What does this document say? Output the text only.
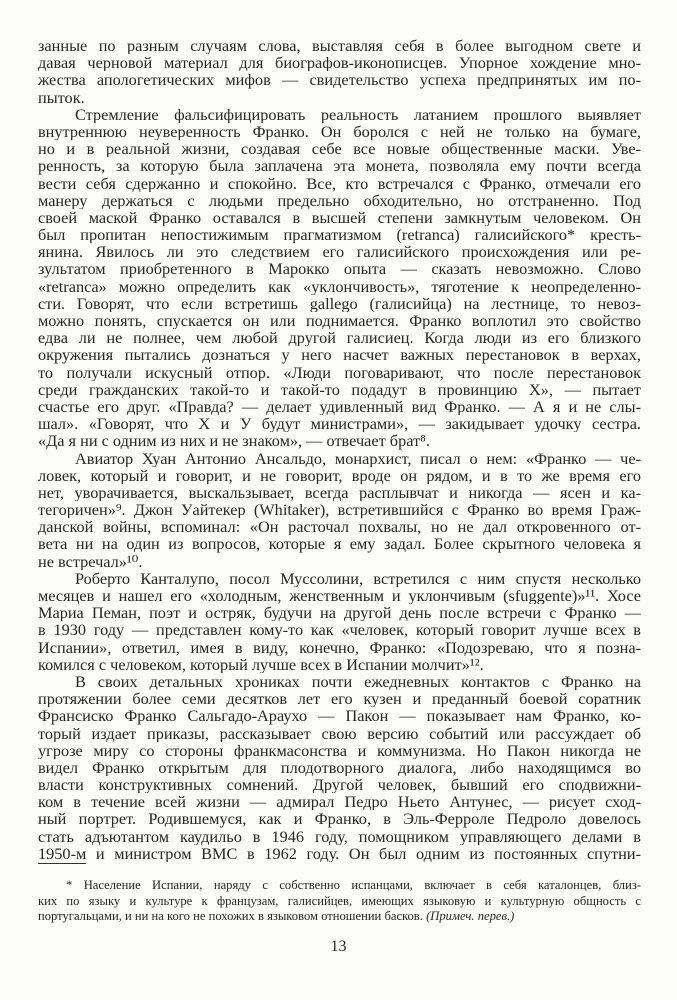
занные по разным случаям слова, выставляя себя в более выгодном свете и
давая черновой материал для биографов-иконописцев. Упорное хождение мно-
жества апологетических мифов — свидетельство успеха предпринятых им по-
пыток.
Стремление фальсифицировать реальность латанием прошлого выявляет
внутреннюю неуверенность Франко. Он боролся с ней не только на бумаге,
но и в реальной жизни, создавая себе все новые общественные маски. Уве-
ренность, за которую была заплачена эта монета, позволяла ему почти всегда
вести себя сдержанно и спокойно. Все, кто встречался с Франко, отмечали его
манеру держаться с людьми предельно обходительно, но отстраненно. Под
своей маской Франко оставался в высшей степени замкнутым человеком. Он
был пропитан непостижимым прагматизмом (retranca) галисийского* кресть-
янина. Явилось ли это следствием его галисийского происхождения или ре-
зультатом приобретенного в Марокко опыта — сказать невозможно. Слово
«retranca» можно определить как «уклончивость», тяготение к неопределенно-
сти. Говорят, что если встретишь gallego (галисийца) на лестнице, то невоз-
можно понять, спускается он или поднимается. Франко воплотил это свойство
едва ли не полнее, чем любой другой галисиец. Когда люди из его близкого
окружения пытались дознаться у него насчет важных перестановок в верхах,
то получали искусный отпор. «Люди поговаривают, что после перестановок
среди гражданских такой-то и такой-то подадут в провинцию Х», — пытает
счастье его друг. «Правда? — делает удивленный вид Франко. — А я и не слы-
шал». «Говорят, что Х и У будут министрами», — закидывает удочку сестра.
«Да я ни с одним из них и не знаком», — отвечает брат⁸.
Авиатор Хуан Антонио Ансальдо, монархист, писал о нем: «Франко — че-
ловек, который и говорит, и не говорит, вроде он рядом, и в то же время его
нет, уворачивается, выскальзывает, всегда расплывчат и никогда — ясен и ка-
тегоричен»⁹. Джон Уайтекер (Whitaker), встретившийся с Франко во время Граж-
данской войны, вспоминал: «Он расточал похвалы, но не дал откровенного от-
вета ни на один из вопросов, которые я ему задал. Более скрытного человека я
не встречал»¹⁰.
Роберто Канталупо, посол Муссолини, встретился с ним спустя несколько
месяцев и нашел его «холодным, женственным и уклончивым (sfuggente)»¹¹. Хосе
Мариа Пеман, поэт и остряк, будучи на другой день после встречи с Франко —
в 1930 году — представлен кому-то как «человек, который говорит лучше всех в
Испании», ответил, имея в виду, конечно, Франко: «Подозреваю, что я позна-
комился с человеком, который лучше всех в Испании молчит»¹².
В своих детальных хрониках почти ежедневных контактов с Франко на
протяжении более семи десятков лет его кузен и преданный боевой соратник
Франсиско Франко Сальгадо-Араухо — Пакон — показывает нам Франко, ко-
торый издает приказы, рассказывает свою версию событий или рассуждает об
угрозе миру со стороны франкмасонства и коммунизма. Но Пакон никогда не
видел Франко открытым для плодотворного диалога, либо находящимся во
власти конструктивных сомнений. Другой человек, бывший его сподвижни-
ком в течение всей жизни — адмирал Педро Ньето Антунес, — рисует сход-
ный портрет. Родившемуся, как и Франко, в Эль-Ферроле Педроло довелось
стать адъютантом каудильо в 1946 году, помощником управляющего делами в
1950-м и министром ВМС в 1962 году. Он был одним из постоянных спутни-
* Население Испании, наряду с собственно испанцами, включает в себя каталонцев, близ-
ких по языку и культуре к французам, галисийцев, имеющих языковую и культурную общность с
португальцами, и ни на кого не похожих в языковом отношении басков. (Примеч. перев.)
13
